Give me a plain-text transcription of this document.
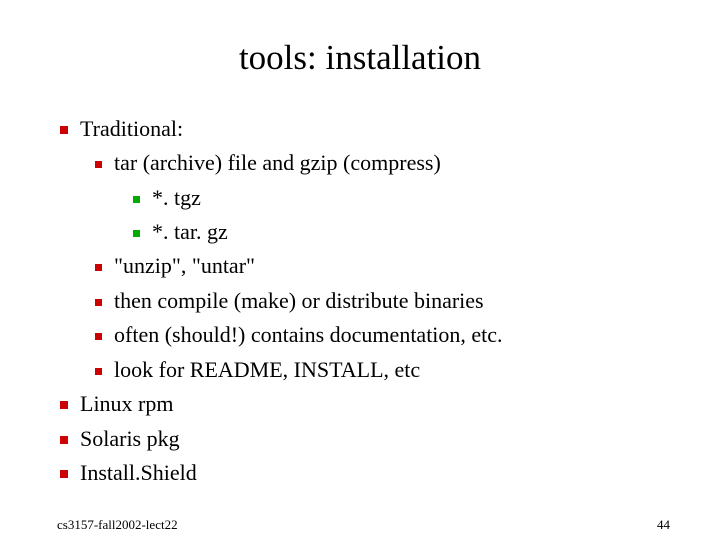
tools: installation
Traditional:
tar (archive) file and gzip (compress)
*. tgz
*. tar. gz
"unzip", "untar"
then compile (make) or distribute binaries
often (should!) contains documentation, etc.
look for README, INSTALL, etc
Linux rpm
Solaris pkg
Install.Shield
cs3157-fall2002-lect22	44
